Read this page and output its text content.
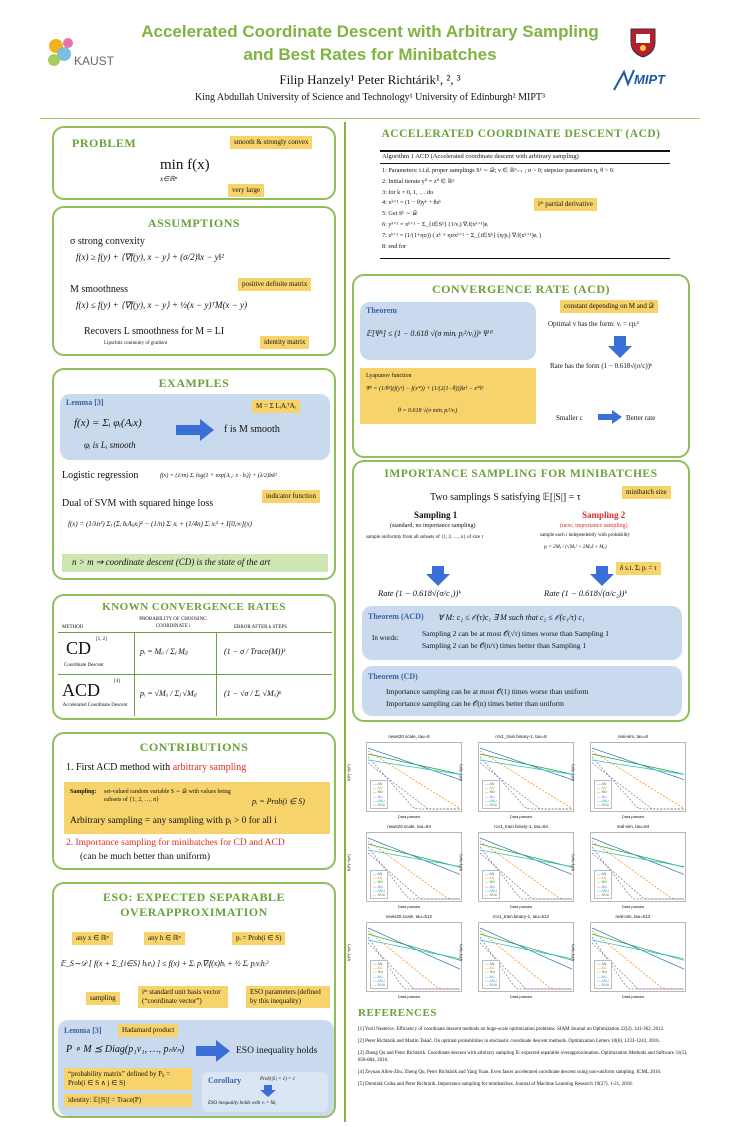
KAUST
MIPT
Accelerated Coordinate Descent with Arbitrary Sampling
and Best Rates for Minibatches
Filip Hanzely¹ Peter Richtárik¹, ², ³
King Abdullah University of Science and Technology¹ University of Edinburgh² MIPT³
PROBLEM
min f(x)
x∈ℝⁿ
smooth & strongly convex
very large
ASSUMPTIONS
σ strong convexity
f(x) ≥ f(y) + ⟨∇f(y), x − y⟩ + (σ/2)‖x − y‖²
M smoothness
f(x) ≤ f(y) + ⟨∇f(y), x − y⟩ + ½(x − y)ᵀM(x − y)
Recovers L smoothness for M = LI
Lipschitz continuity of gradient
positive definite matrix
identity matrix
EXAMPLES
Lemma [3]
f(x) = Σᵢ φᵢ(Aᵢx)
φᵢ is Lᵢ smooth
f is M smooth
M = Σ LᵢAᵢᵀAᵢ
Logistic regression	f(x) = (1/m) Σᵢ log(1 + exp(Aᵢ,: x · bᵢ)) + (λ/2)‖x‖²
Dual of SVM with squared hinge loss
indicator function
f(x) = (1/λn²) Σⱼ (Σᵢ bᵢAⱼᵢxᵢ)² − (1/n) Σᵢ xᵢ + (1/4n) Σᵢ xᵢ² + I[0,∞](x)
n > m ⇒ coordinate descent (CD) is the state of the art
KNOWN CONVERGENCE RATES
METHOD
PROBABILITY OF CHOOSING COORDINATE i	ERROR AFTER k STEPS
CD [1, 2]
Coordinate Descent
pᵢ = Mᵢᵢ / Σⱼ Mⱼⱼ	(1 − σ / Trace(M))ᵏ
ACD	[4]
Accelerated Coordinate Descent
pᵢ = √Mᵢᵢ / Σⱼ √Mⱼⱼ	(1 − √σ / Σᵢ √Mᵢᵢ)ᵏ
CONTRIBUTIONS
1. First ACD method with arbitrary sampling
Sampling: set-valued random variable S ∼ 𝒟 with values being subsets of {1, 2, …, n}	pᵢ = Prob(i ∈ S)
Arbitrary sampling = any sampling with pᵢ > 0 for all i
2. Importance sampling for minibatches for CD and ACD
(can be much better than uniform)
ESO: EXPECTED SEPARABLE
OVERAPPROXIMATION
any x ∈ ℝⁿ	any h ∈ ℝⁿ	pᵢ = Prob(i ∈ S)
𝔼_S∼𝒟 [ f(x + Σ_{i∈S} hᵢeᵢ) ] ≤ f(x) + Σᵢ pᵢ∇ᵢf(x)hᵢ + ½ Σᵢ pᵢvᵢhᵢ²
sampling
iᵗʰ standard unit basis vector (“coordinate vector”)
ESO parameters (defined by this inequality)
Lemma [3]	Hadamard product
P ∘ M ⪯ Diag(p₁v₁, …, pₙvₙ)	ESO inequality holds
“probability matrix” defined by Pᵢⱼ = Prob(i ∈ S ∧ j ∈ S)
identity: 𝔼[|S|] = Trace(P)
Corollary	Prob(|S| = 1) = 1
ESO inequality holds with vᵢ = Mᵢᵢ
ACCELERATED COORDINATE DESCENT (ACD)
Algorithm 1 ACD (Accelerated coordinate descent with arbitrary sampling)
1: Parameters: i.i.d. proper samplings Sᵏ ∼ 𝒟; v ∈ ℝⁿ₊₊ ; σ > 0; stepsize parameters η, θ > 0.
2: Initial iterate y⁰ = z⁰ ∈ ℝⁿ
3: for k = 0, 1, … do
4: xᵏ⁺¹ = (1 − θ)yᵏ + θzᵏ
5: Get Sᵏ ∼ 𝒟
6: yᵏ⁺¹ = xᵏ⁺¹ − Σ_{i∈Sᵏ} (1/vᵢ) ∇ᵢf(xᵏ⁺¹)eᵢ
7: zᵏ⁺¹ = (1/(1+ησ)) ( zᵏ + ησxᵏ⁺¹ − Σ_{i∈Sᵏ} (η/pᵢ) ∇ᵢf(xᵏ⁺¹)eᵢ )
8: end for
iᵗʰ partial derivative
CONVERGENCE RATE (ACD)
Theorem
𝔼[Ψᵏ] ≤ (1 − 0.618 √(σ minᵢ pᵢ²/vᵢ))ᵏ Ψ⁰
Lyapunov function
Ψᵏ = (1/θ²)(f(yᵏ) − f(x*)) + (1/(2(1−θ)))‖zᵏ − x*‖²
θ = 0.618 √(σ minᵢ pᵢ²/vᵢ)
constant depending on M and 𝒟
Optimal v has the form: vᵢ = cpᵢ²
Rate has the form (1 − 0.618√(σ/c))ᵏ
Smaller c	Better rate
IMPORTANCE SAMPLING FOR MINIBATCHES
Two samplings S satisfying 𝔼[|S|] = τ	minibatch size
Sampling 1
(standard; no importance sampling)
sample uniformly from all subsets of {1, 2, …, n} of size τ
Sampling 2
(new; importance sampling)
sample each i independently with probability
pᵢ = 2Mᵢᵢ / (√Mᵢᵢ² + 2Mᵢᵢδ + Mᵢᵢ)
δ s.t. Σᵢ pᵢ = τ
Rate (1 − 0.618√(σ/c₁))ᵏ	Rate (1 − 0.618√(σ/c₂))ᵏ
Theorem (ACD) ∀ M: c₂ ≤ 𝒪(τ)c₁ ∃ M such that c₂ ≤ 𝒪(c₁/τ) c₁
In words:	Sampling 2 can be at most 𝒪(√τ) times worse than Sampling 1
Sampling 2 can be 𝒪(n/τ) times better than Sampling 1
Theorem (CD)
Importance sampling can be at most 𝒪(1) times worse than uniform
Importance sampling can be 𝒪(n) times better than uniform
news20.scale, tau=8
f(xᵏ)−f(x*)
Data passes
— AN
— AU
— NN
— NU
— ANU
— NNU
rcv1_train.binary-1, tau=8
f(xᵏ)−f(x*)
Data passes
— AN
— AU
— NN
— NU
— ANU
— NNU
real-sim, tau=8
f(xᵏ)−f(x*)
Data passes
— AN
— AU
— NN
— NU
— ANU
— NNU
news20.scale, tau=64
f(xᵏ)−f(x*)
Data passes
— AN
— AU
— NN
— NU
— ANU
— NNU
rcv1_train.binary-1, tau=64
f(xᵏ)−f(x*)
Data passes
— AN
— AU
— NN
— NU
— ANU
— NNU
real-sim, tau=64
f(xᵏ)−f(x*)
Data passes
— AN
— AU
— NN
— NU
— ANU
— NNU
news20.scale, tau=512
f(xᵏ)−f(x*)
Data passes
— AN
— AU
— NN
— NU
— ANU
— NNU
rcv1_train.binary-1, tau=512
f(xᵏ)−f(x*)
Data passes
— AN
— AU
— NN
— NU
— ANU
— NNU
real-sim, tau=512
f(xᵏ)−f(x*)
Data passes
— AN
— AU
— NN
— NU
— ANU
— NNU
REFERENCES
[1] Yurii Nesterov. Efficiency of coordinate descent methods on huge-scale optimization problems. SIAM Journal on Optimization 22(2), 341-362, 2012.
[2] Peter Richtárik and Martin Takáč. On optimal probabilities in stochastic coordinate descent methods. Optimization Letters 10(6), 1233-1243, 2016.
[3] Zheng Qu and Peter Richtárik. Coordinate descent with arbitrary sampling II: expected separable overapproximation. Optimization Methods and Software 31(5), 858-884, 2016.
[4] Zeyuan Allen-Zhu, Zheng Qu, Peter Richtárik and Yang Yuan. Even faster accelerated coordinate descent using non-uniform sampling. ICML 2016.
[5] Dominik Csiba and Peter Richtárik. Importance sampling for minibatches. Journal of Machine Learning Research 19(27), 1-21, 2018.
